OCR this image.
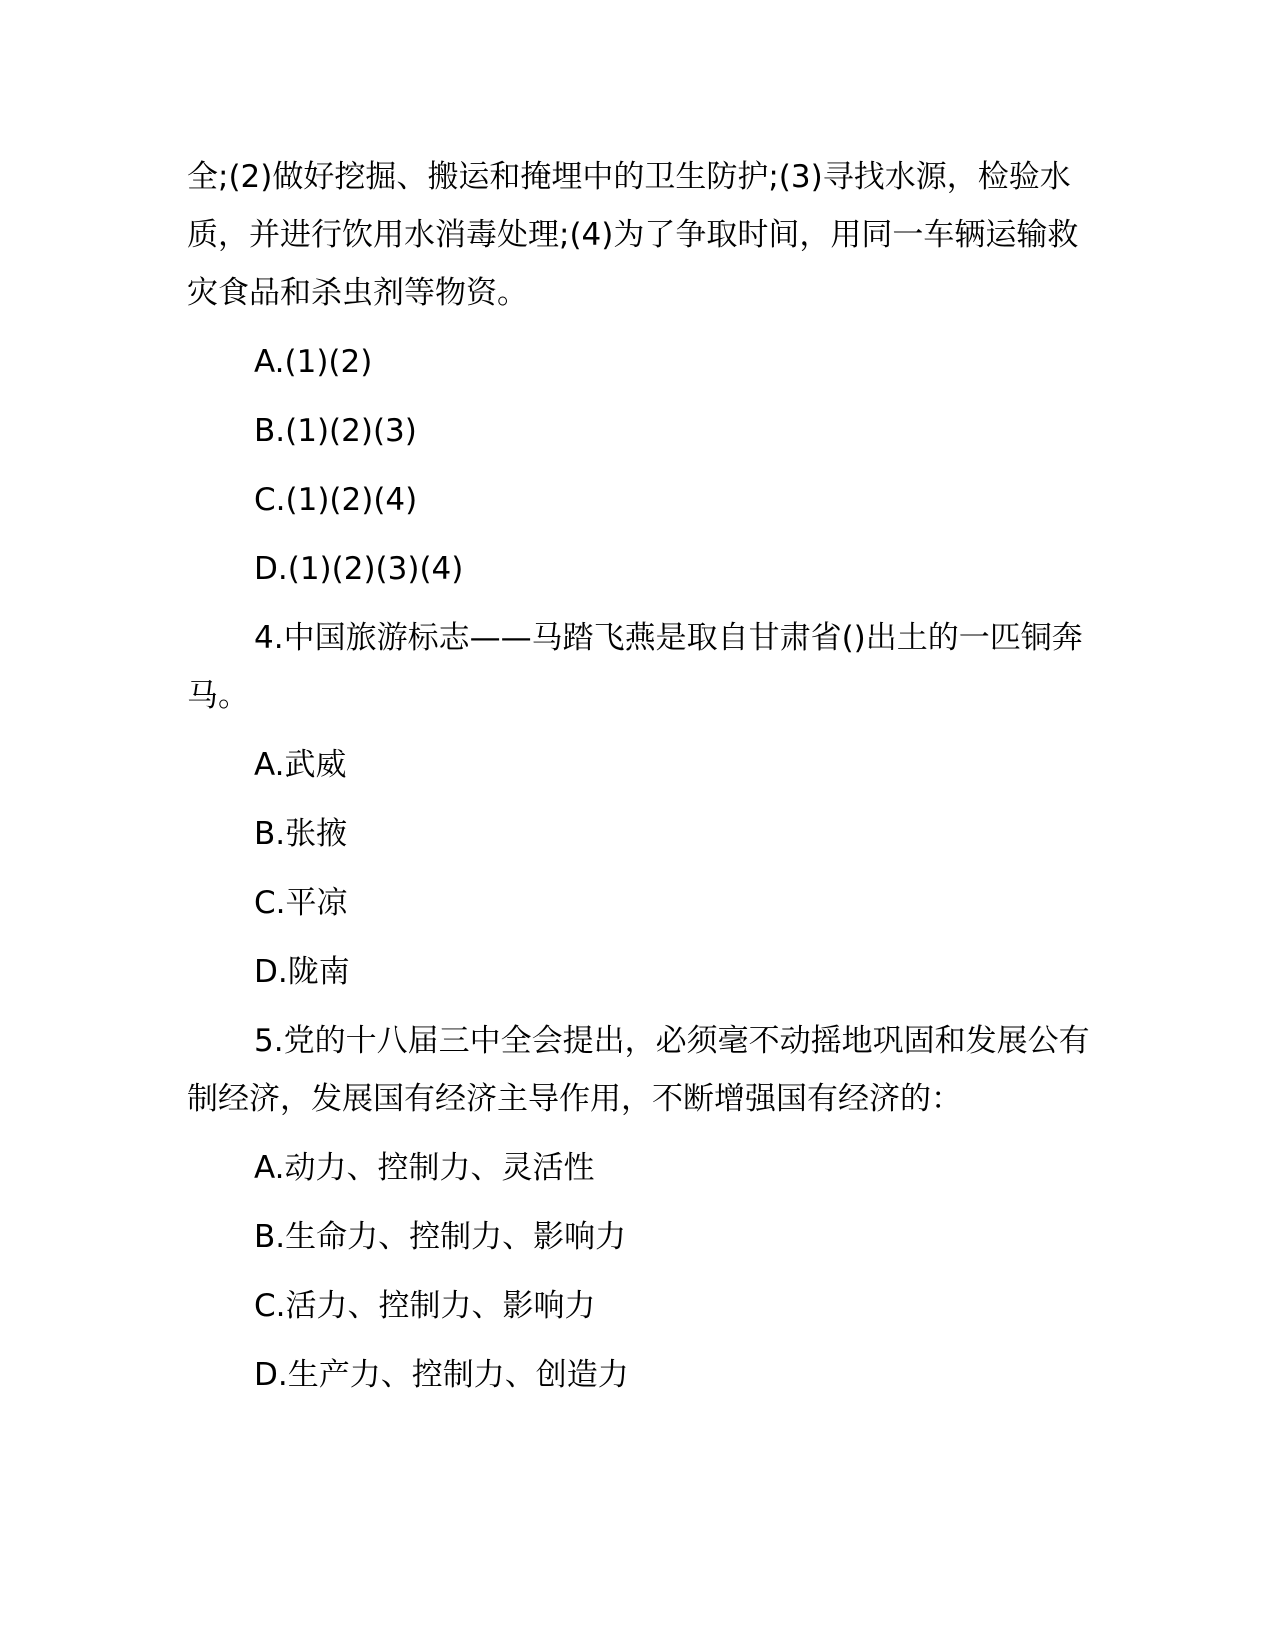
全;(2)做好挖掘、搬运和掩埋中的卫生防护;(3)寻找水源，检验水质，并进行饮用水消毒处理;(4)为了争取时间，用同一车辆运输救灾食品和杀虫剂等物资。

A.(1)(2)

B.(1)(2)(3)

C.(1)(2)(4)

D.(1)(2)(3)(4)

4.中国旅游标志——马踏飞燕是取自甘肃省()出土的一匹铜奔马。

A.武威

B.张掖

C.平凉

D.陇南

5.党的十八届三中全会提出，必须毫不动摇地巩固和发展公有制经济，发展国有经济主导作用，不断增强国有经济的：

A.动力、控制力、灵活性

B.生命力、控制力、影响力

C.活力、控制力、影响力

D.生产力、控制力、创造力
